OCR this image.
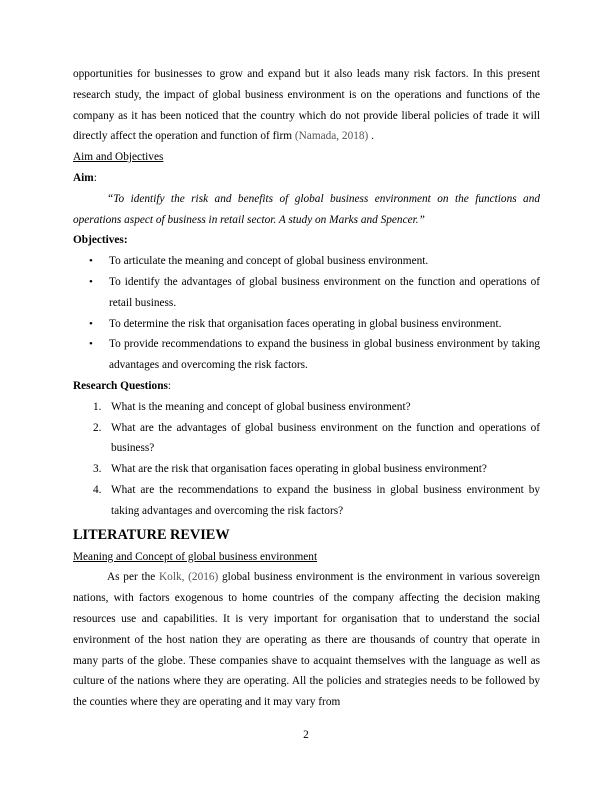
opportunities for businesses to grow and expand but it also leads many risk factors. In this present research study, the impact of global business environment is on the operations and functions of the company as it has been noticed that the country which do not provide liberal policies of trade it will directly affect the operation and function of firm (Namada, 2018) .

Aim and Objectives

Aim:

“To identify the risk and benefits of global business environment on the functions and operations aspect of business in retail sector. A study on Marks and Spencer.”

Objectives:

• To articulate the meaning and concept of global business environment.
• To identify the advantages of global business environment on the function and operations of retail business.
• To determine the risk that organisation faces operating in global business environment.
• To provide recommendations to expand the business in global business environment by taking advantages and overcoming the risk factors.

Research Questions:

1. What is the meaning and concept of global business environment?
2. What are the advantages of global business environment on the function and operations of business?
3. What are the risk that organisation faces operating in global business environment?
4. What are the recommendations to expand the business in global business environment by taking advantages and overcoming the risk factors?
LITERATURE REVIEW

Meaning and Concept of global business environment

As per the Kolk, (2016) global business environment is the environment in various sovereign nations, with factors exogenous to home countries of the company affecting the decision making resources use and capabilities. It is very important for organisation that to understand the social environment of the host nation they are operating as there are thousands of country that operate in many parts of the globe. These companies shave to acquaint themselves with the language as well as culture of the nations where they are operating. All the policies and strategies needs to be followed by the counties where they are operating and it may vary from

2
